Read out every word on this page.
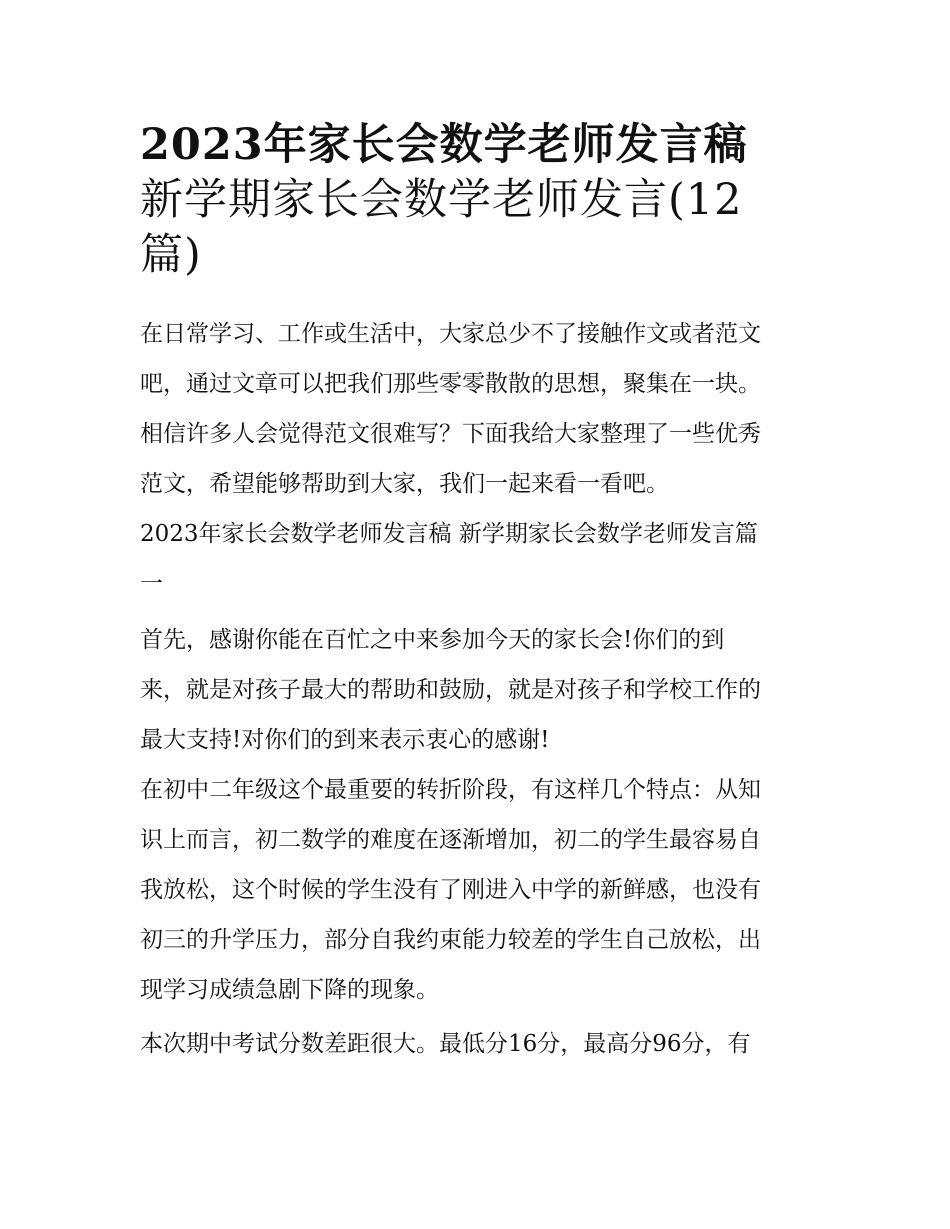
2023年家长会数学老师发言稿
新学期家长会数学老师发言(12
篇)

在日常学习、工作或生活中，大家总少不了接触作文或者范文
吧，通过文章可以把我们那些零零散散的思想，聚集在一块。
相信许多人会觉得范文很难写？下面我给大家整理了一些优秀
范文，希望能够帮助到大家，我们一起来看一看吧。

2023年家长会数学老师发言稿 新学期家长会数学老师发言篇
一

首先，感谢你能在百忙之中来参加今天的家长会!你们的到
来，就是对孩子最大的帮助和鼓励，就是对孩子和学校工作的
最大支持!对你们的到来表示衷心的感谢!

在初中二年级这个最重要的转折阶段，有这样几个特点：从知
识上而言，初二数学的难度在逐渐增加，初二的学生最容易自
我放松，这个时候的学生没有了刚进入中学的新鲜感，也没有
初三的升学压力，部分自我约束能力较差的学生自己放松，出
现学习成绩急剧下降的现象。

本次期中考试分数差距很大。最低分16分，最高分96分，有
